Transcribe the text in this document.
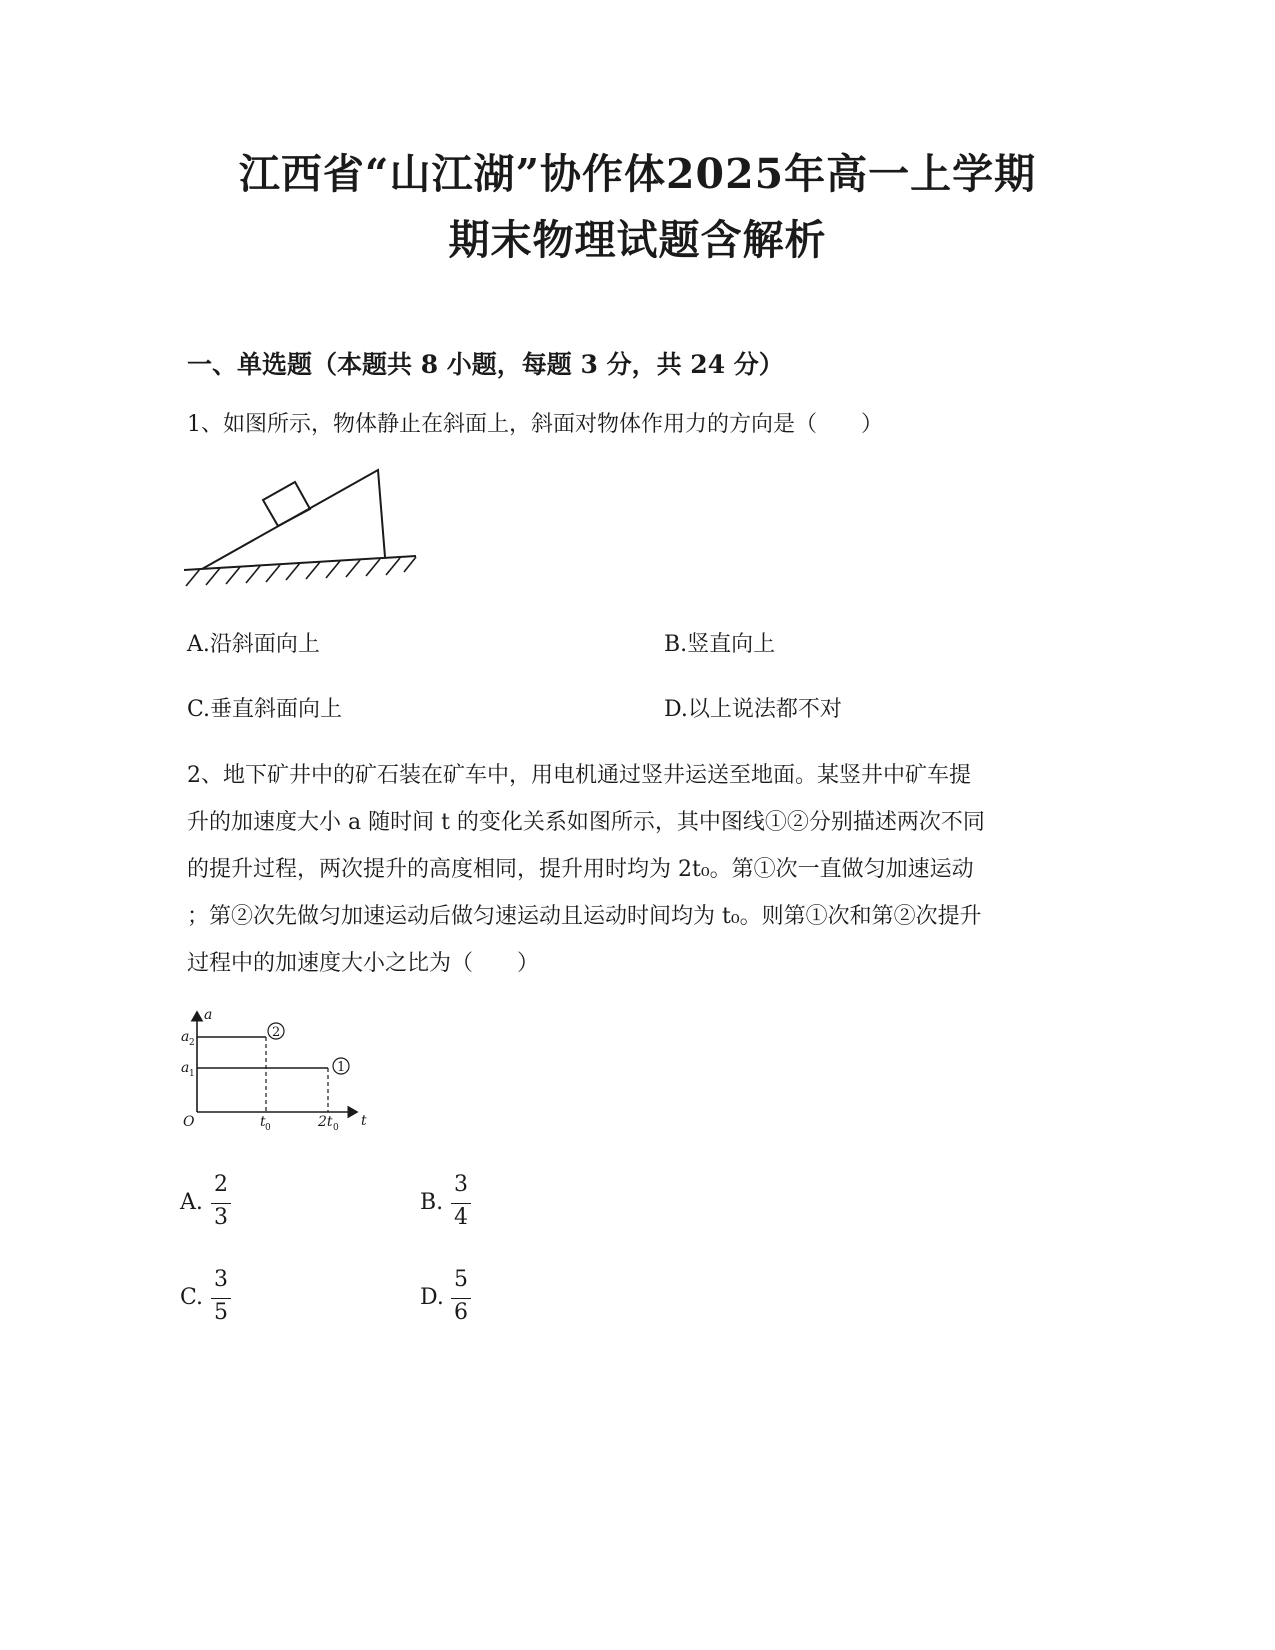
江西省“山江湖”协作体2025年高一上学期
期末物理试题含解析
一、单选题（本题共 8 小题，每题 3 分，共 24 分）
1、如图所示，物体静止在斜面上，斜面对物体作用力的方向是（　　）
A.沿斜面向上	B.竖直向上
C.垂直斜面向上	D.以上说法都不对
2、地下矿井中的矿石装在矿车中，用电机通过竖井运送至地面。某竖井中矿车提
升的加速度大小 a 随时间 t 的变化关系如图所示，其中图线①②分别描述两次不同
的提升过程，两次提升的高度相同，提升用时均为 2t₀。第①次一直做匀加速运动
；第②次先做匀加速运动后做匀速运动且运动时间均为 t₀。则第①次和第②次提升
过程中的加速度大小之比为（　　）
a
t
O
a 2
a 1
t 0	2t 0
2
1
A.
2
3
B.
3
4
C.
3
5
D.
5
6
